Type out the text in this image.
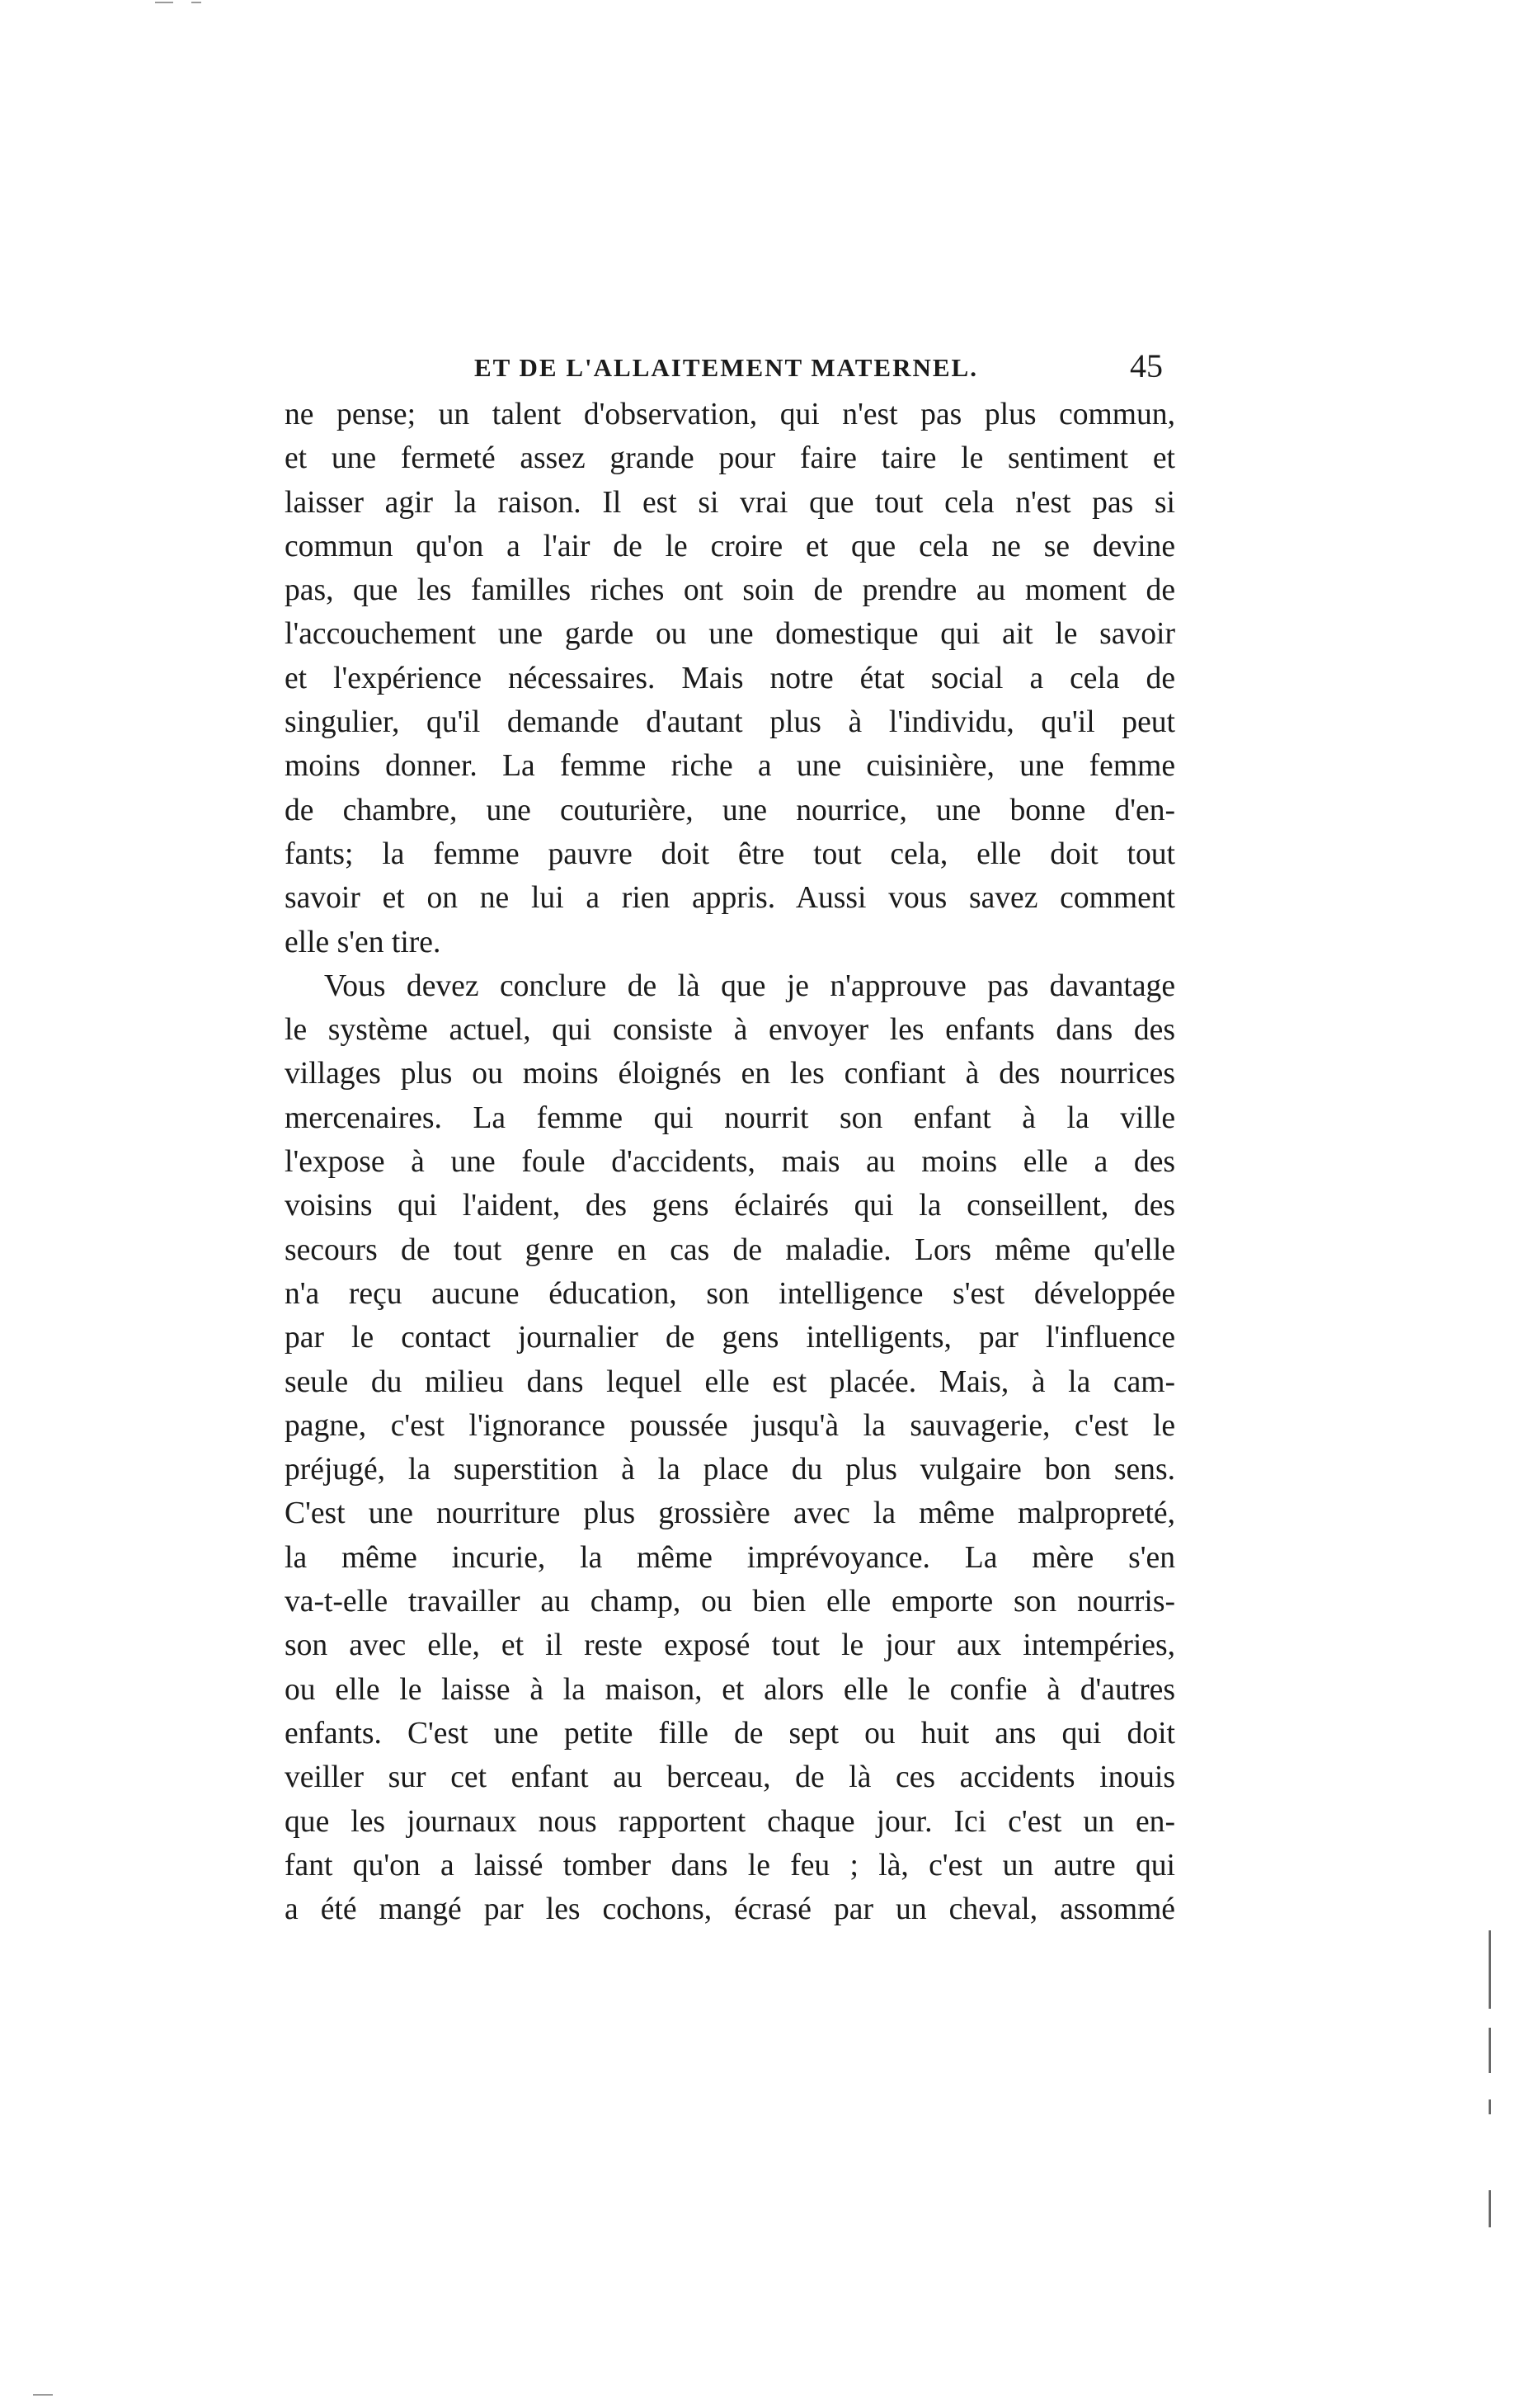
ET DE L'ALLAITEMENT MATERNEL.	45
ne pense; un talent d'observation, qui n'est pas plus commun,
et une fermeté assez grande pour faire taire le sentiment et
laisser agir la raison. Il est si vrai que tout cela n'est pas si
commun qu'on a l'air de le croire et que cela ne se devine
pas, que les familles riches ont soin de prendre au moment de
l'accouchement une garde ou une domestique qui ait le savoir
et l'expérience nécessaires. Mais notre état social a cela de
singulier, qu'il demande d'autant plus à l'individu, qu'il peut
moins donner. La femme riche a une cuisinière, une femme
de chambre, une couturière, une nourrice, une bonne d'en-
fants; la femme pauvre doit être tout cela, elle doit tout
savoir et on ne lui a rien appris. Aussi vous savez comment
elle s'en tire.
Vous devez conclure de là que je n'approuve pas davantage
le système actuel, qui consiste à envoyer les enfants dans des
villages plus ou moins éloignés en les confiant à des nourrices
mercenaires. La femme qui nourrit son enfant à la ville
l'expose à une foule d'accidents, mais au moins elle a des
voisins qui l'aident, des gens éclairés qui la conseillent, des
secours de tout genre en cas de maladie. Lors même qu'elle
n'a reçu aucune éducation, son intelligence s'est développée
par le contact journalier de gens intelligents, par l'influence
seule du milieu dans lequel elle est placée. Mais, à la cam-
pagne, c'est l'ignorance poussée jusqu'à la sauvagerie, c'est le
préjugé, la superstition à la place du plus vulgaire bon sens.
C'est une nourriture plus grossière avec la même malpropreté,
la même incurie, la même imprévoyance. La mère s'en
va-t-elle travailler au champ, ou bien elle emporte son nourris-
son avec elle, et il reste exposé tout le jour aux intempéries,
ou elle le laisse à la maison, et alors elle le confie à d'autres
enfants. C'est une petite fille de sept ou huit ans qui doit
veiller sur cet enfant au berceau, de là ces accidents inouis
que les journaux nous rapportent chaque jour. Ici c'est un en-
fant qu'on a laissé tomber dans le feu ; là, c'est un autre qui
a été mangé par les cochons, écrasé par un cheval, assommé
